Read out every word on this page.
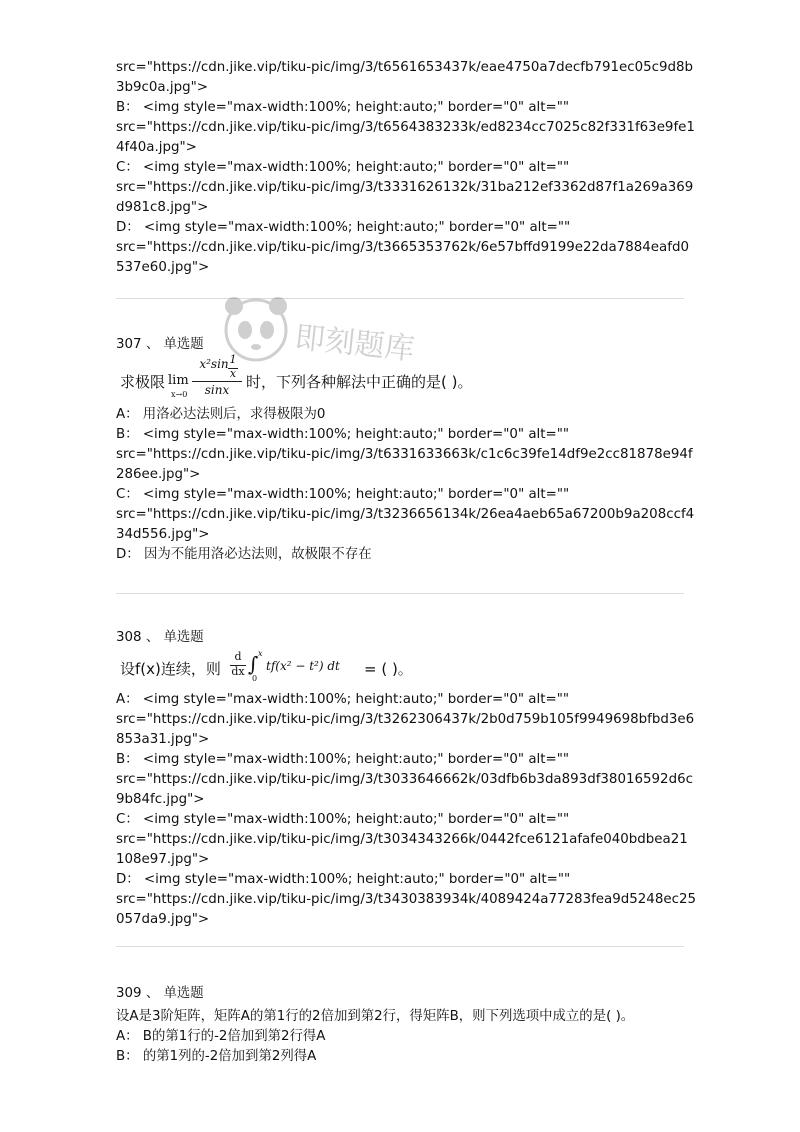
src="https://cdn.jike.vip/tiku-pic/img/3/t6561653437k/eae4750a7decfb791ec05c9d8b
3b9c0a.jpg">
B： <img style="max-width:100%; height:auto;" border="0" alt=""
src="https://cdn.jike.vip/tiku-pic/img/3/t6564383233k/ed8234cc7025c82f331f63e9fe1
4f40a.jpg">
C： <img style="max-width:100%; height:auto;" border="0" alt=""
src="https://cdn.jike.vip/tiku-pic/img/3/t3331626132k/31ba212ef3362d87f1a269a369
d981c8.jpg">
D： <img style="max-width:100%; height:auto;" border="0" alt=""
src="https://cdn.jike.vip/tiku-pic/img/3/t3665353762k/6e57bffd9199e22da7884eafd0
537e60.jpg">
即刻题库
307 、 单选题
求极限 lim
x→0
x²sin 1
x
sinx	时，下列各种解法中正确的是( )。
A： 用洛必达法则后，求得极限为0
B： <img style="max-width:100%; height:auto;" border="0" alt=""
src="https://cdn.jike.vip/tiku-pic/img/3/t6331633663k/c1c6c39fe14df9e2cc81878e94f
286ee.jpg">
C： <img style="max-width:100%; height:auto;" border="0" alt=""
src="https://cdn.jike.vip/tiku-pic/img/3/t3236656134k/26ea4aeb65a67200b9a208ccf4
34d556.jpg">
D： 因为不能用洛必达法则，故极限不存在
308 、 单选题
设f(x)连续，则
d
dx ∫
0
x
tf(x² − t²) dt = ( )。
A： <img style="max-width:100%; height:auto;" border="0" alt=""
src="https://cdn.jike.vip/tiku-pic/img/3/t3262306437k/2b0d759b105f9949698bfbd3e6
853a31.jpg">
B： <img style="max-width:100%; height:auto;" border="0" alt=""
src="https://cdn.jike.vip/tiku-pic/img/3/t3033646662k/03dfb6b3da893df38016592d6c
9b84fc.jpg">
C： <img style="max-width:100%; height:auto;" border="0" alt=""
src="https://cdn.jike.vip/tiku-pic/img/3/t3034343266k/0442fce6121afafe040bdbea21
108e97.jpg">
D： <img style="max-width:100%; height:auto;" border="0" alt=""
src="https://cdn.jike.vip/tiku-pic/img/3/t3430383934k/4089424a77283fea9d5248ec25
057da9.jpg">
309 、 单选题
设A是3阶矩阵，矩阵A的第1行的2倍加到第2行，得矩阵B，则下列选项中成立的是( )。
A： B的第1行的-2倍加到第2行得A
B： 的第1列的-2倍加到第2列得A
